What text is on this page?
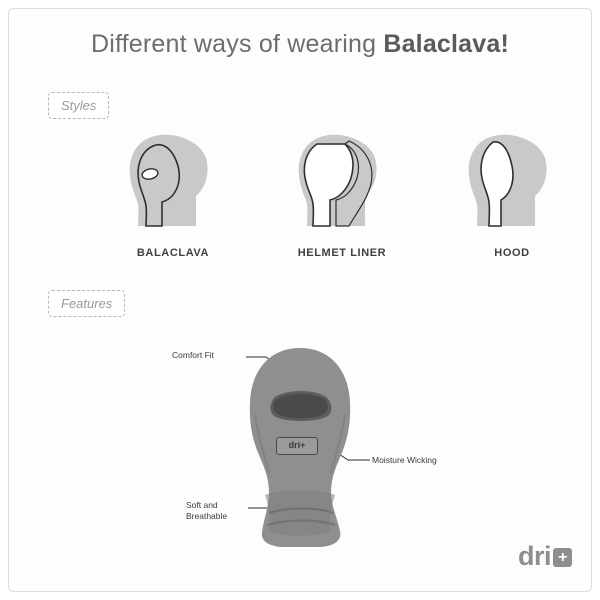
Different ways of wearing Balaclava!
Styles
BALACLAVA	HELMET LINER	HOOD
Features
dri+
Comfort Fit
Moisture Wicking
Soft and Breathable
dri +
